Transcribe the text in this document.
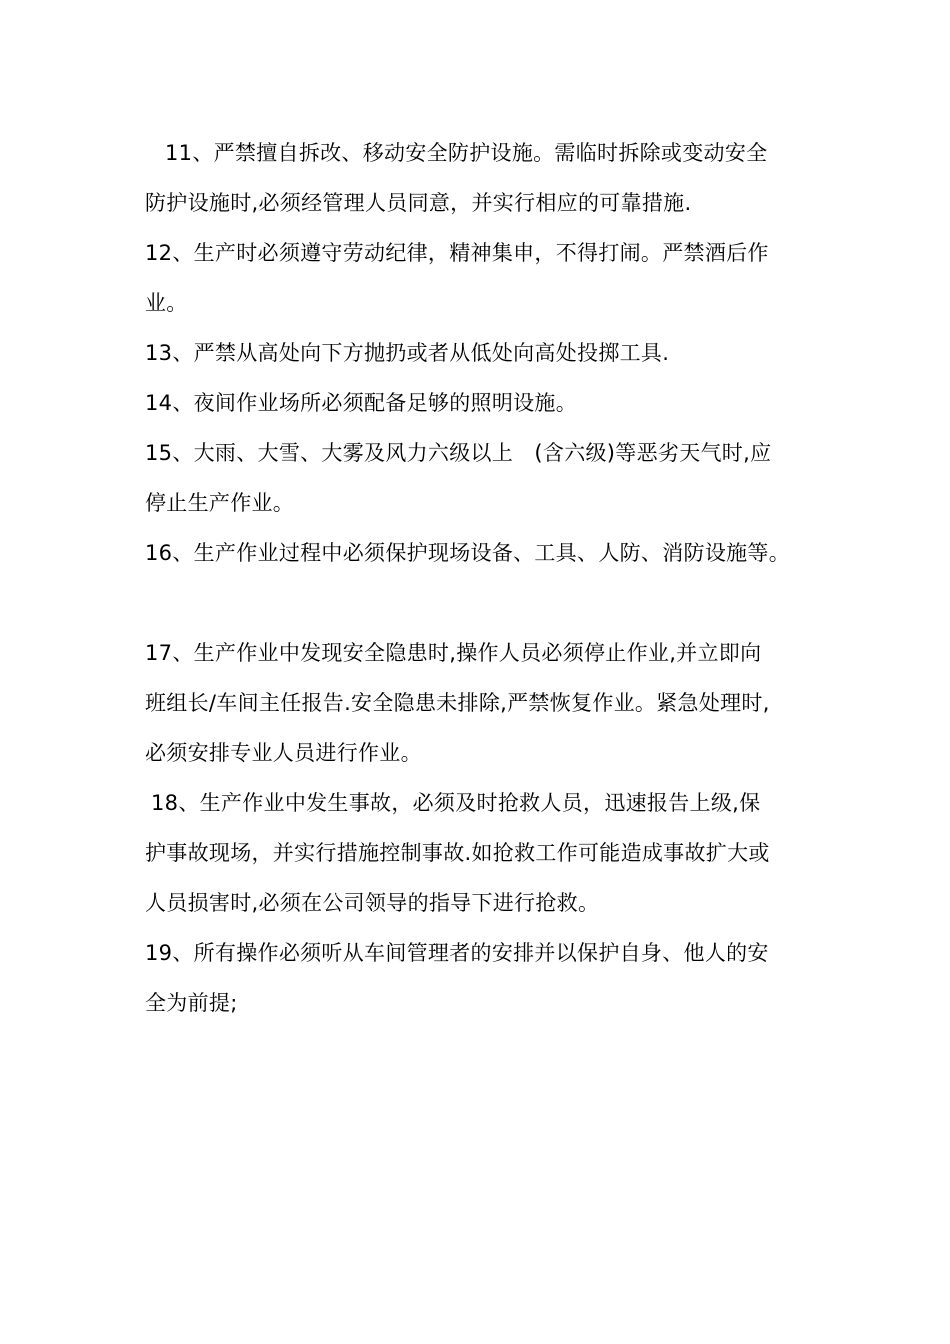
11、严禁擅自拆改、移动安全防护设施。需临时拆除或变动安全
防护设施时,必须经管理人员同意，并实行相应的可靠措施.
12、生产时必须遵守劳动纪律，精神集申，不得打闹。严禁酒后作
业。
13、严禁从高处向下方抛扔或者从低处向高处投掷工具.
14、夜间作业场所必须配备足够的照明设施。
15、大雨、大雪、大雾及风力六级以上　(含六级)等恶劣天气时,应
停止生产作业。
16、生产作业过程中必须保护现场设备、工具、人防、消防设施等。
17、生产作业中发现安全隐患时,操作人员必须停止作业,并立即向
班组长/车间主任报告.安全隐患未排除,严禁恢复作业。紧急处理时,
必须安排专业人员进行作业。
18、生产作业中发生事故，必须及时抢救人员，迅速报告上级,保
护事故现场，并实行措施控制事故.如抢救工作可能造成事故扩大或
人员损害时,必须在公司领导的指导下进行抢救。
19、所有操作必须听从车间管理者的安排并以保护自身、他人的安
全为前提;
